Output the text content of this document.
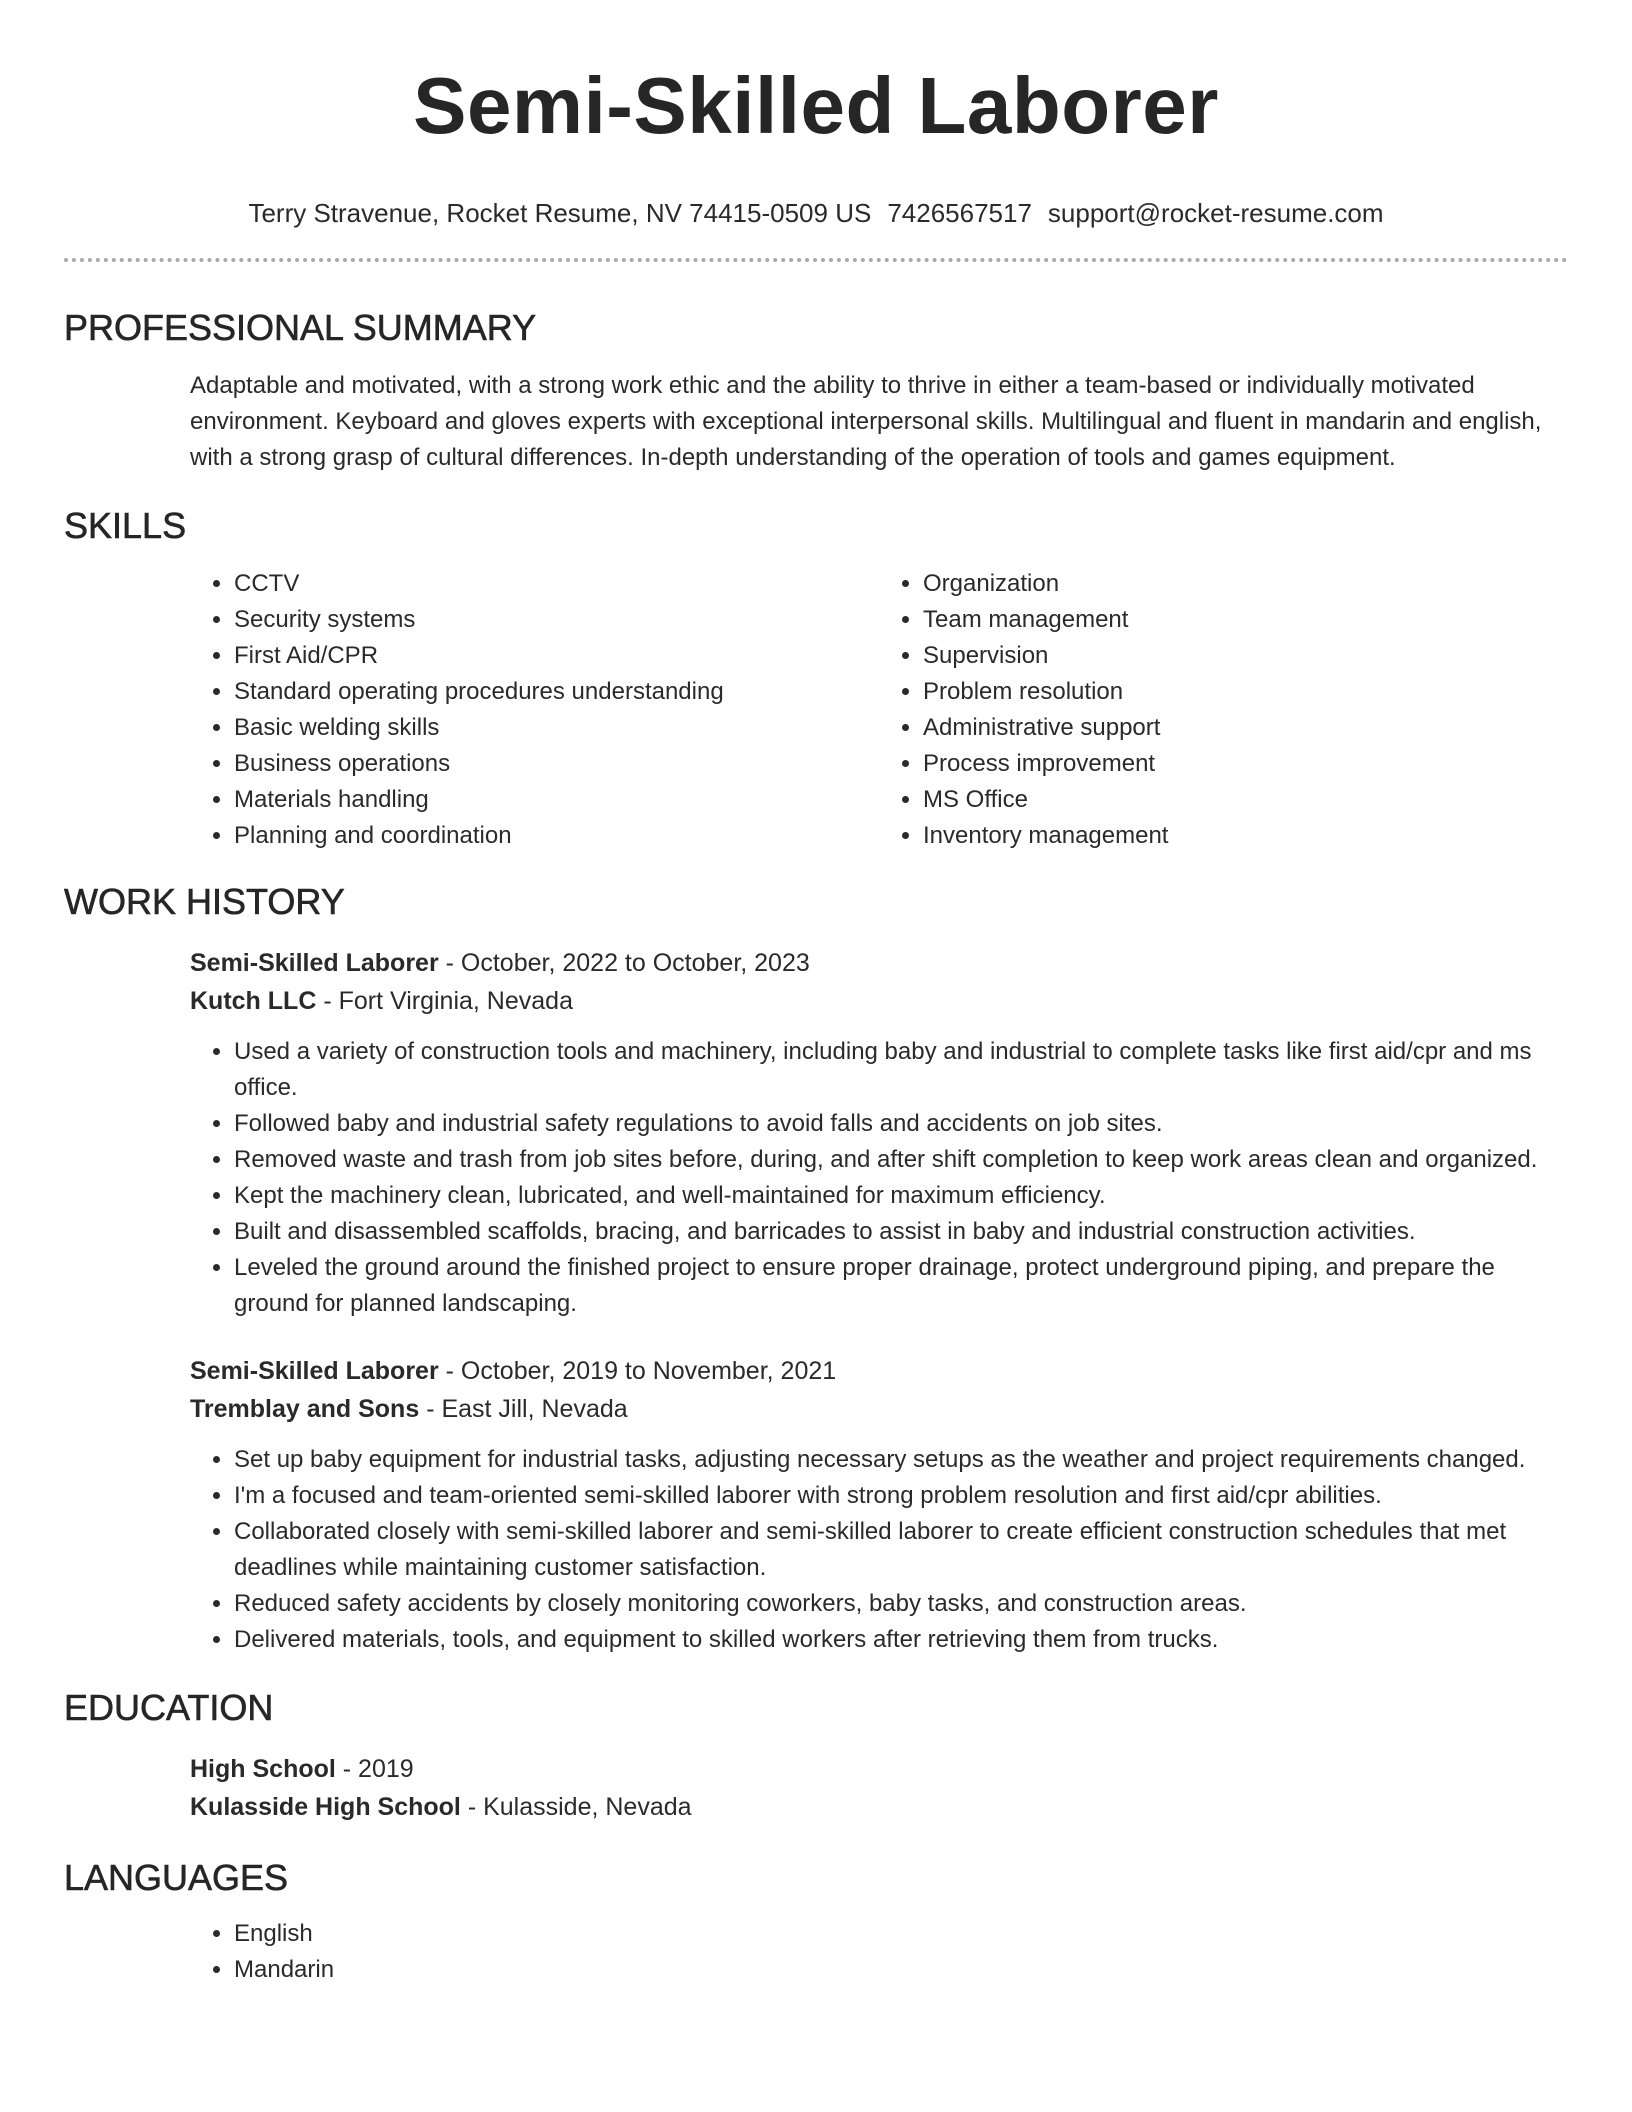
Semi-Skilled Laborer
Terry Stravenue, Rocket Resume, NV 74415-0509 US 7426567517 support@rocket-resume.com
PROFESSIONAL SUMMARY
Adaptable and motivated, with a strong work ethic and the ability to thrive in either a team-based or individually motivated environment. Keyboard and gloves experts with exceptional interpersonal skills. Multilingual and fluent in mandarin and english, with a strong grasp of cultural differences. In-depth understanding of the operation of tools and games equipment.
SKILLS
• CCTV
• Security systems
• First Aid/CPR
• Standard operating procedures understanding
• Basic welding skills
• Business operations
• Materials handling
• Planning and coordination
• Organization
• Team management
• Supervision
• Problem resolution
• Administrative support
• Process improvement
• MS Office
• Inventory management
WORK HISTORY
Semi-Skilled Laborer - October, 2022 to October, 2023
Kutch LLC - Fort Virginia, Nevada
• Used a variety of construction tools and machinery, including baby and industrial to complete tasks like first aid/cpr and ms office.
• Followed baby and industrial safety regulations to avoid falls and accidents on job sites.
• Removed waste and trash from job sites before, during, and after shift completion to keep work areas clean and organized.
• Kept the machinery clean, lubricated, and well-maintained for maximum efficiency.
• Built and disassembled scaffolds, bracing, and barricades to assist in baby and industrial construction activities.
• Leveled the ground around the finished project to ensure proper drainage, protect underground piping, and prepare the ground for planned landscaping.
Semi-Skilled Laborer - October, 2019 to November, 2021
Tremblay and Sons - East Jill, Nevada
• Set up baby equipment for industrial tasks, adjusting necessary setups as the weather and project requirements changed.
• I'm a focused and team-oriented semi-skilled laborer with strong problem resolution and first aid/cpr abilities.
• Collaborated closely with semi-skilled laborer and semi-skilled laborer to create efficient construction schedules that met deadlines while maintaining customer satisfaction.
• Reduced safety accidents by closely monitoring coworkers, baby tasks, and construction areas.
• Delivered materials, tools, and equipment to skilled workers after retrieving them from trucks.
EDUCATION
High School - 2019
Kulasside High School - Kulasside, Nevada
LANGUAGES
• English
• Mandarin
